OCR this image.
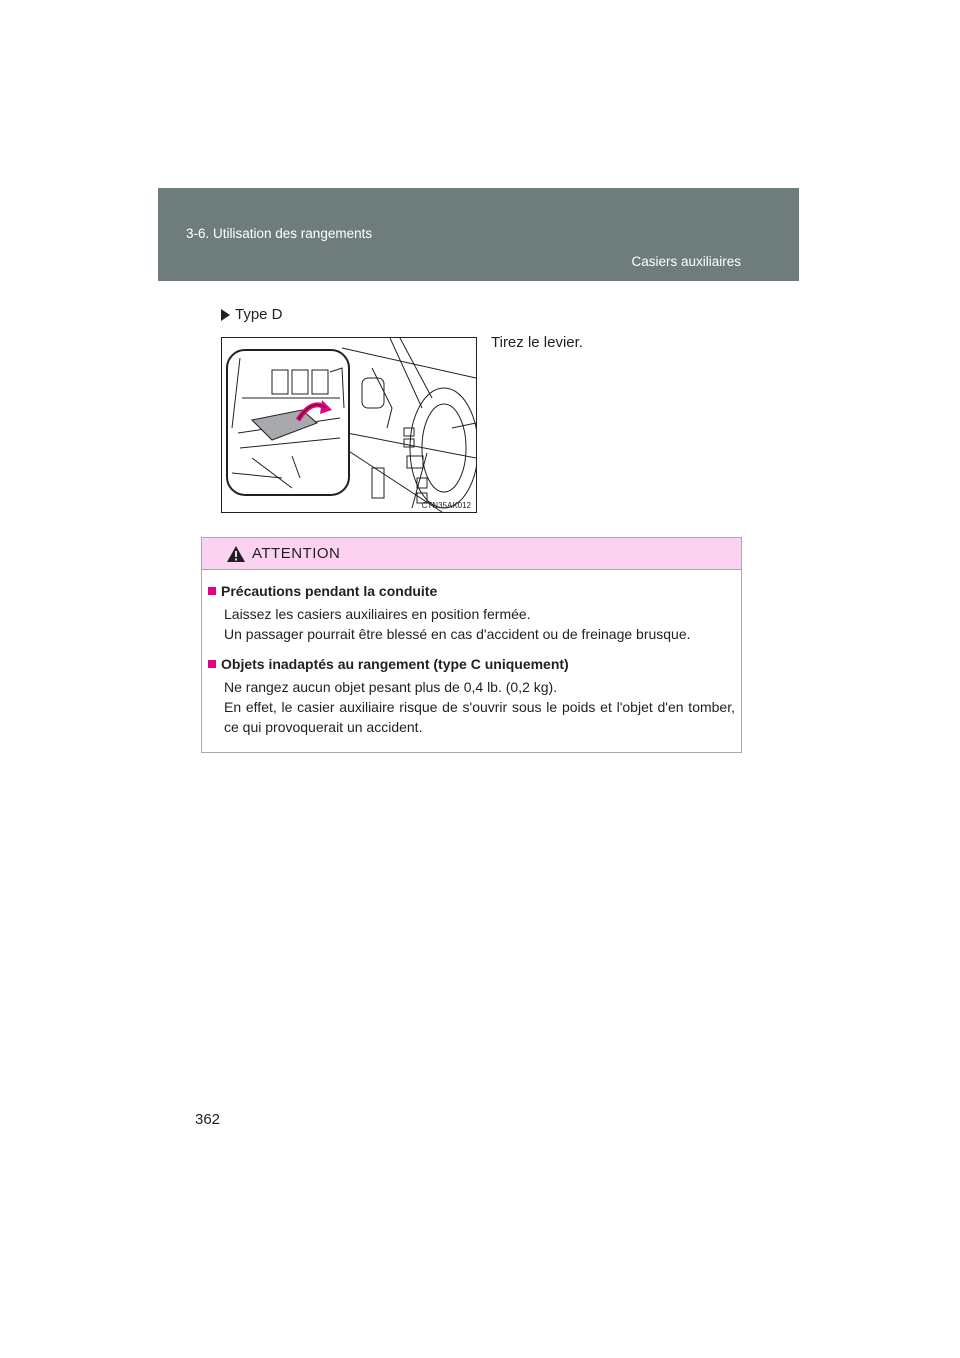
3-6. Utilisation des rangements
Casiers auxiliaires
Type D
CTN35AK012
Tirez le levier.
ATTENTION
Précautions pendant la conduite
Laissez les casiers auxiliaires en position fermée.
Un passager pourrait être blessé en cas d'accident ou de freinage brusque.
Objets inadaptés au rangement (type C uniquement)
Ne rangez aucun objet pesant plus de 0,4 lb. (0,2 kg).
En effet, le casier auxiliaire risque de s'ouvrir sous le poids et l'objet d'en tomber, ce qui provoquerait un accident.
362
